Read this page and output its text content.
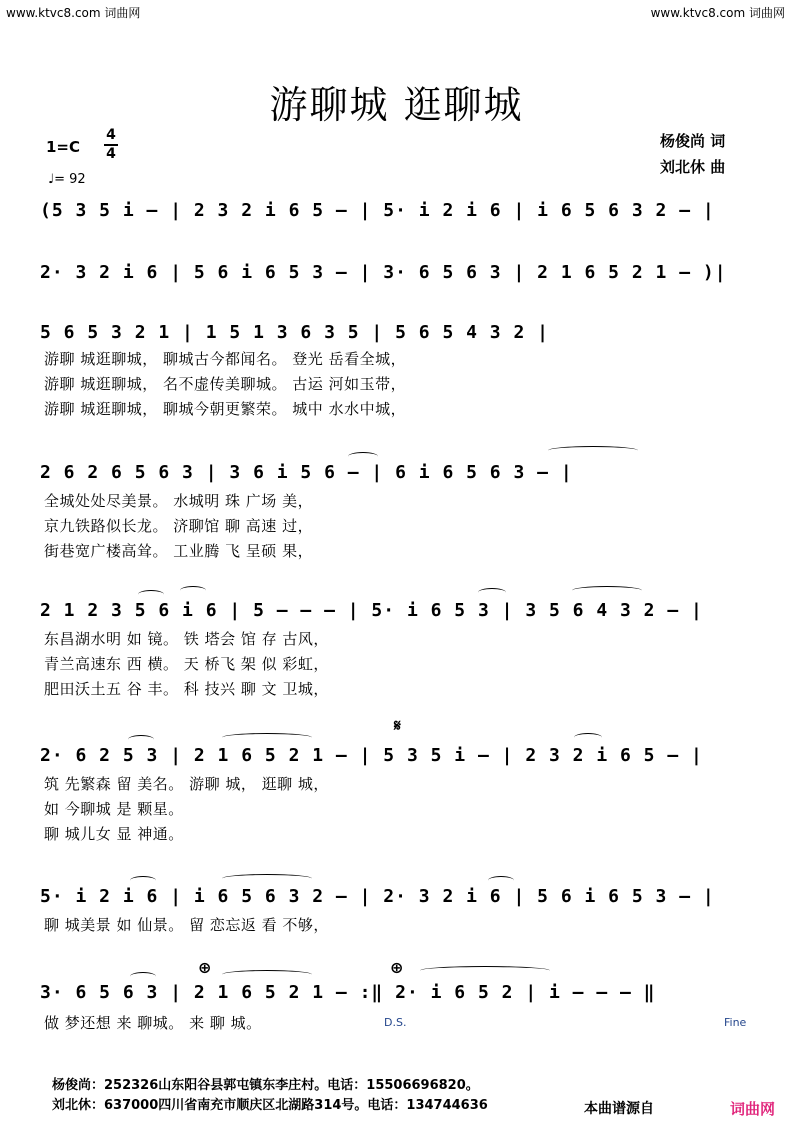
www.ktvc8.com 词曲网	www.ktvc8.com 词曲网
游聊城 逛聊城
1=C
4
4
♩= 92
杨俊尚 词
刘北休 曲
(5 3 5 i – | 2 3 2 i 6 5 – | 5· i 2 i 6 | i 6 5 6 3 2 – |
2· 3 2 i 6 | 5 6 i 6 5 3 – | 3· 6 5 6 3 | 2 1 6 5 2 1 – )|
5 6 5 3 2 1 | 1 5 1 3 6 3 5 | 5 6 5 4 3 2 |
游聊 城逛聊城， 聊城古今都闻名。 登光 岳看全城，
游聊 城逛聊城， 名不虚传美聊城。 古运 河如玉带，
游聊 城逛聊城， 聊城今朝更繁荣。 城中 水水中城，
2 6 2 6 5 6 3 | 3 6 i 5 6 – | 6 i 6 5 6 3 – |
全城处处尽美景。 水城明 珠 广场 美，
京九铁路似长龙。 济聊馆 聊 高速 过，
街巷宽广楼高耸。 工业腾 飞 呈硕 果，
2 1 2 3 5 6 i 6 | 5 – – – | 5· i 6 5 3 | 3 5 6 4 3 2 – |
东昌湖水明 如 镜。 铁 塔会 馆 存 古风，
青兰高速东 西 横。 天 桥飞 架 似 彩虹，
肥田沃土五 谷 丰。 科 技兴 聊 文 卫城，
𝄋
2· 6 2 5 3 | 2 1 6 5 2 1 – | 5 3 5 i – | 2 3 2 i 6 5 – |
筑 先繁森 留 美名。 游聊 城， 逛聊 城，
如 今聊城 是 颗星。
聊 城儿女 显 神通。
5· i 2 i 6 | i 6 5 6 3 2 – | 2· 3 2 i 6 | 5 6 i 6 5 3 – |
聊 城美景 如 仙景。 留 恋忘返 看 不够，
⊕	⊕
3· 6 5 6 3 | 2 1 6 5 2 1 – :‖ 2· i 6 5 2 | i – – – ‖
做 梦还想 来 聊城。 来 聊 城。	D.S.	Fine
杨俊尚：252326山东阳谷县郭屯镇东李庄村。电话：15506696820。
刘北休：637000四川省南充市顺庆区北湖路314号。电话：134744636	本曲谱源自	词曲网
